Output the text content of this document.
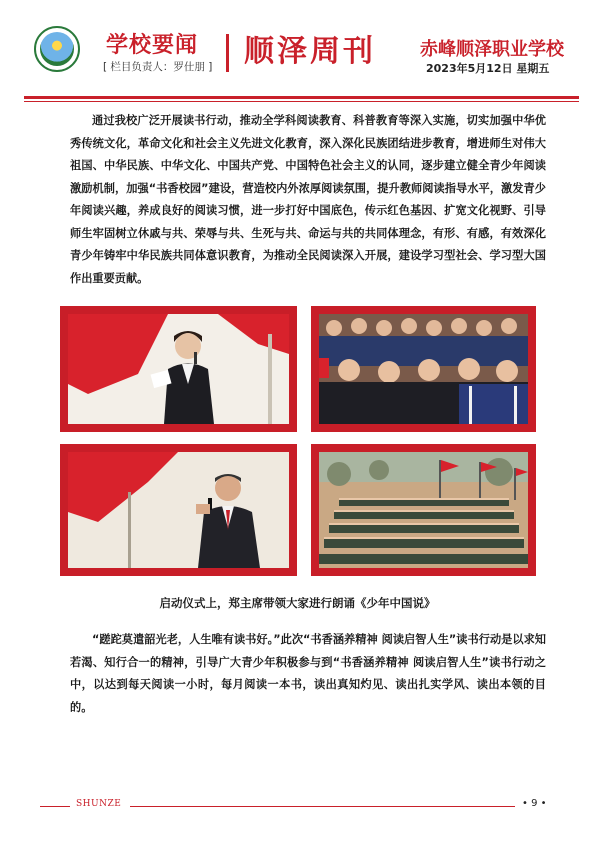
学校要闻
[ 栏目负责人：罗仕朋 ] 顺泽周刊 赤峰顺泽职业学校
2023年5月12日 星期五

通过我校广泛开展读书行动，推动全学科阅读教育、科普教育等深入实施，切实加强中华优秀传统文化，革命文化和社会主义先进文化教育，深入深化民族团结进步教育，增进师生对伟大祖国、中华民族、中华文化、中国共产党、中国特色社会主义的认同，逐步建立健全青少年阅读激励机制，加强“书香校园”建设，营造校内外浓厚阅读氛围，提升教师阅读指导水平，激发青少年阅读兴趣，养成良好的阅读习惯，进一步打好中国底色，传示红色基因、扩宽文化视野、引导师生牢固树立休戚与共、荣辱与共、生死与共、命运与共的共同体理念，有形、有感，有效深化青少年铸牢中华民族共同体意识教育，为推动全民阅读深入开展，建设学习型社会、学习型大国作出重要贡献。

启动仪式上，郑主席带领大家进行朗诵《少年中国说》

“蹉跎莫遣韶光老，人生唯有读书好。”此次“书香涵养精神 阅读启智人生”读书行动是以求知若渴、知行合一的精神，引导广大青少年积极参与到“书香涵养精神 阅读启智人生”读书行动之中，以达到每天阅读一小时，每月阅读一本书，读出真知灼见、读出扎实学风、读出本领的目的。

SHUNZE	• 9 •
